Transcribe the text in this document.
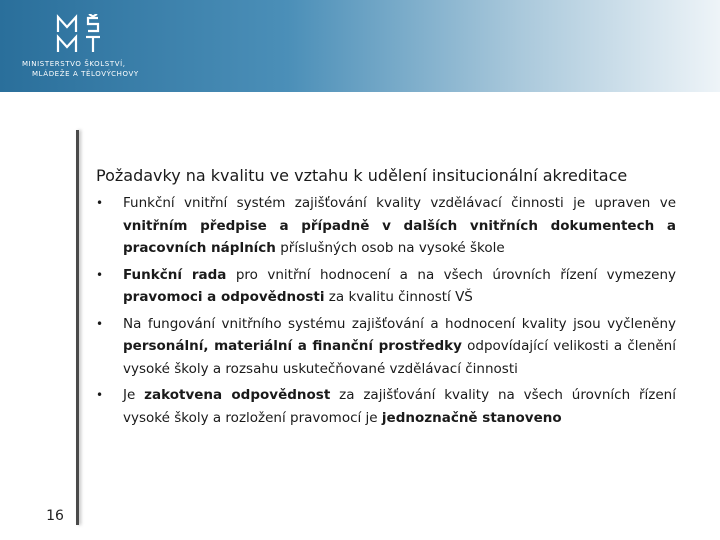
MINISTERSTVO ŠKOLSTVÍ,
MLÁDEŽE A TĚLOVÝCHOVY
Požadavky na kvalitu ve vztahu k udělení insitucionální akreditace
• Funkční vnitřní systém zajišťování kvality vzdělávací činnosti je upraven ve vnitřním předpise a případně v dalších vnitřních dokumentech a pracovních náplních příslušných osob na vysoké škole
• Funkční rada pro vnitřní hodnocení a na všech úrovních řízení vymezeny pravomoci a odpovědnosti za kvalitu činností VŠ
• Na fungování vnitřního systému zajišťování a hodnocení kvality jsou vyčleněny personální, materiální a finanční prostředky odpovídající velikosti a členění vysoké školy a rozsahu uskutečňované vzdělávací činnosti
• Je zakotvena odpovědnost za zajišťování kvality na všech úrovních řízení vysoké školy a rozložení pravomocí je jednoznačně stanoveno
16
